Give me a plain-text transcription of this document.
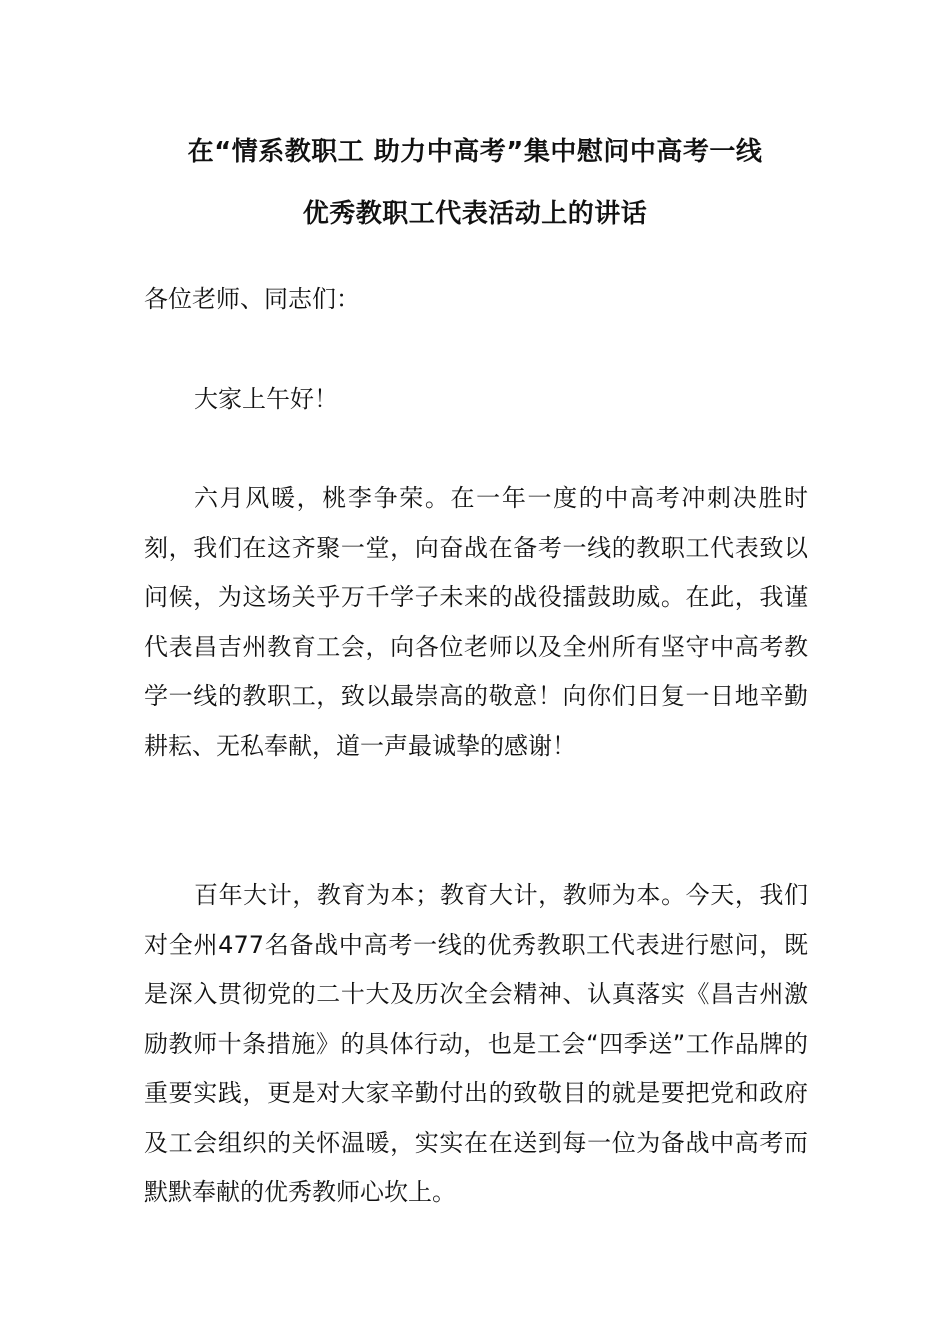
在“情系教职工 助力中高考”集中慰问中高考一线
优秀教职工代表活动上的讲话

各位老师、同志们：

大家上午好！

六月风暖，桃李争荣。在一年一度的中高考冲刺决胜时刻，我们在这齐聚一堂，向奋战在备考一线的教职工代表致以问候，为这场关乎万千学子未来的战役擂鼓助威。在此，我谨代表昌吉州教育工会，向各位老师以及全州所有坚守中高考教学一线的教职工，致以最崇高的敬意！向你们日复一日地辛勤耕耘、无私奉献，道一声最诚挚的感谢！

百年大计，教育为本；教育大计，教师为本。今天，我们对全州477名备战中高考一线的优秀教职工代表进行慰问，既是深入贯彻党的二十大及历次全会精神、认真落实《昌吉州激励教师十条措施》的具体行动，也是工会“四季送”工作品牌的重要实践，更是对大家辛勤付出的致敬目的就是要把党和政府及工会组织的关怀温暖，实实在在送到每一位为备战中高考而默默奉献的优秀教师心坎上。
